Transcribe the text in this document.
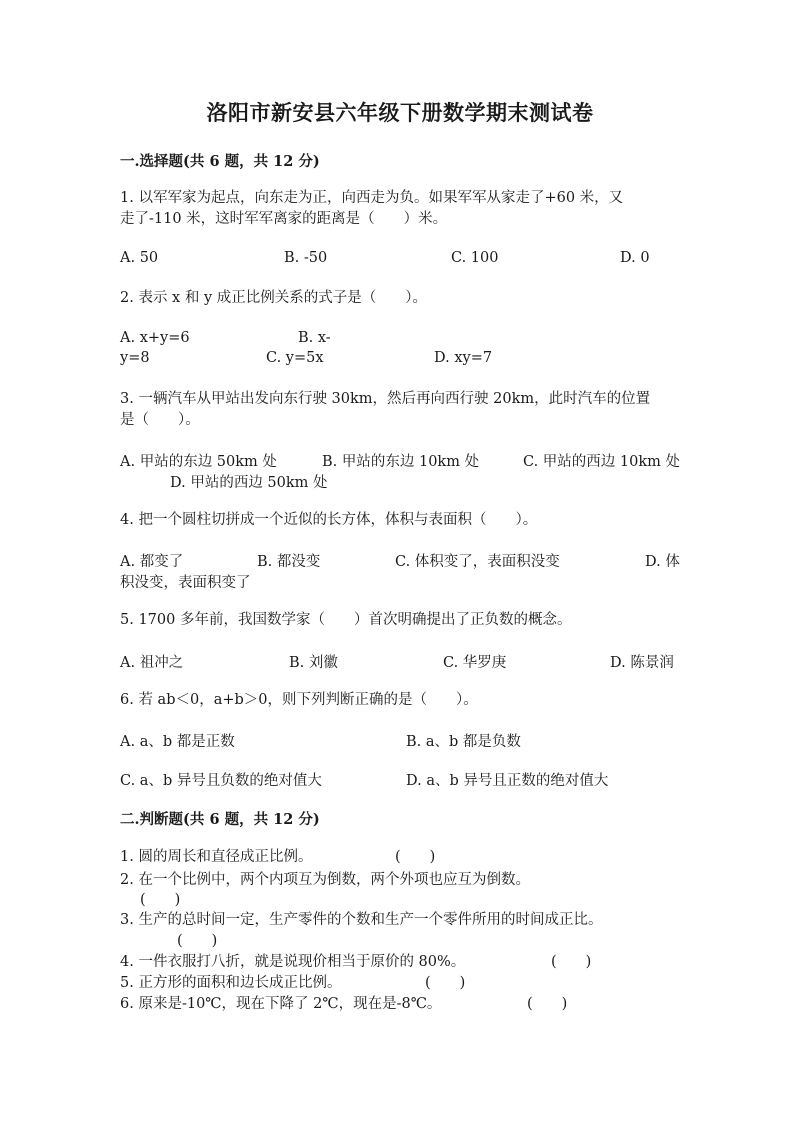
洛阳市新安县六年级下册数学期末测试卷
一.选择题(共 6 题，共 12 分)
1. 以军军家为起点，向东走为正，向西走为负。如果军军从家走了+60 米，又
走了-110 米，这时军军离家的距离是（　　）米。
A. 50	B. -50	C. 100	D. 0
2. 表示 x 和 y 成正比例关系的式子是（　　）。
A. x+y=6	B. x-
y=8	C. y=5x	D. xy=7
3. 一辆汽车从甲站出发向东行驶 30km，然后再向西行驶 20km，此时汽车的位置
是（　　）。
A. 甲站的东边 50km 处	B. 甲站的东边 10km 处	C. 甲站的西边 10km 处
D. 甲站的西边 50km 处
4. 把一个圆柱切拼成一个近似的长方体，体积与表面积（　　）。
A. 都变了	B. 都没变	C. 体积变了，表面积没变	D. 体
积没变，表面积变了
5. 1700 多年前，我国数学家（　　）首次明确提出了正负数的概念。
A. 祖冲之	B. 刘徽	C. 华罗庚	D. 陈景润
6. 若 ab＜0，a+b＞0，则下列判断正确的是（　　）。
A. a、b 都是正数	B. a、b 都是负数
C. a、b 异号且负数的绝对值大	D. a、b 异号且正数的绝对值大
二.判断题(共 6 题，共 12 分)
1. 圆的周长和直径成正比例。	(　　)
2. 在一个比例中，两个内项互为倒数，两个外项也应互为倒数。
(　　)
3. 生产的总时间一定，生产零件的个数和生产一个零件所用的时间成正比。
(　　)
4. 一件衣服打八折，就是说现价相当于原价的 80%。	(　　)
5. 正方形的面积和边长成正比例。	(　　)
6. 原来是-10℃，现在下降了 2℃，现在是-8℃。	(　　)
